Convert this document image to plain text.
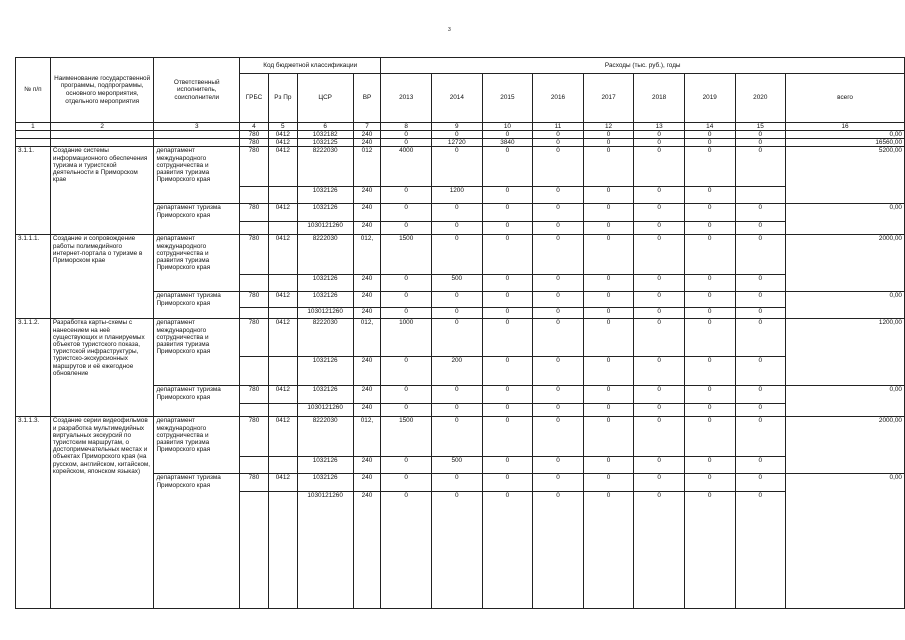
3
№ п/п	Наименование государственной программы, подпрограммы, основного мероприятия, отдельного мероприятия	Ответственный исполнитель, соисполнители	Код бюджетной классификации				Расходы (тыс. руб.), годы								
			ГРБС	Рз Пр	ЦСР	ВР	2013	2014	2015	2016	2017	2018	2019	2020	всего
1	2	3	4	5	6	7	8	9	10	11	12	13	14	15	16
			780	0412	1032182	240	0	0	0	0	0	0	0	0	0,00
			780	0412	1032125	240	0	12720	3840	0	0	0	0	0	16560,00
3.1.1.	Создание системы информационного обеспечения туризма и туристской деятельности в Приморском крае	департамент международного сотрудничества и развития туризма Приморского края	780	0412	8222030	012	4000	0	0	0	0	0	0	0	5200,00
					1032126	240	0	1200	0	0	0	0	0		
		департамент туризма Приморского края	780	0412	1032126	240	0	0	0	0	0	0	0	0	0,00
					1030121260	240	0	0	0	0	0	0	0	0	
3.1.1.1.	Создание и сопровождение работы полимедийного интернет-портала о туризме в Приморском крае	департамент международного сотрудничества и развития туризма Приморского края	780	0412	8222030	012,	1500	0	0	0	0	0	0	0	2000,00
					1032126	240	0	500	0	0	0	0	0	0	
		департамент туризма Приморского края	780	0412	1032126	240	0	0	0	0	0	0	0	0	0,00
					1030121260	240	0	0	0	0	0	0	0	0	
3.1.1.2.	Разработка карты-схемы с нанесением на неё существующих и планируемых объектов туристского показа, туристской инфраструктуры, туристско-экскурсионных маршрутов и её ежегодное обновление	департамент международного сотрудничества и развития туризма Приморского края	780	0412	8222030	012,	1000	0	0	0	0	0	0	0	1200,00
					1032126	240	0	200	0	0	0	0	0	0	
		департамент туризма Приморского края	780	0412	1032126	240	0	0	0	0	0	0	0	0	0,00
					1030121260	240	0	0	0	0	0	0	0	0	
3.1.1.3.	Создание серии видеофильмов и разработка мультимедийных виртуальных экскурсий по туристским маршрутам, о достопримечательных местах и объектах Приморского края (на русском, английском, китайском, корейском, японском языках)	департамент международного сотрудничества и развития туризма Приморского края	780	0412	8222030	012,	1500	0	0	0	0	0	0	0	2000,00
					1032126	240	0	500	0	0	0	0	0	0	
		департамент туризма Приморского края	780	0412	1032126	240	0	0	0	0	0	0	0	0	0,00
					1030121260	240	0	0	0	0	0	0	0	0	
